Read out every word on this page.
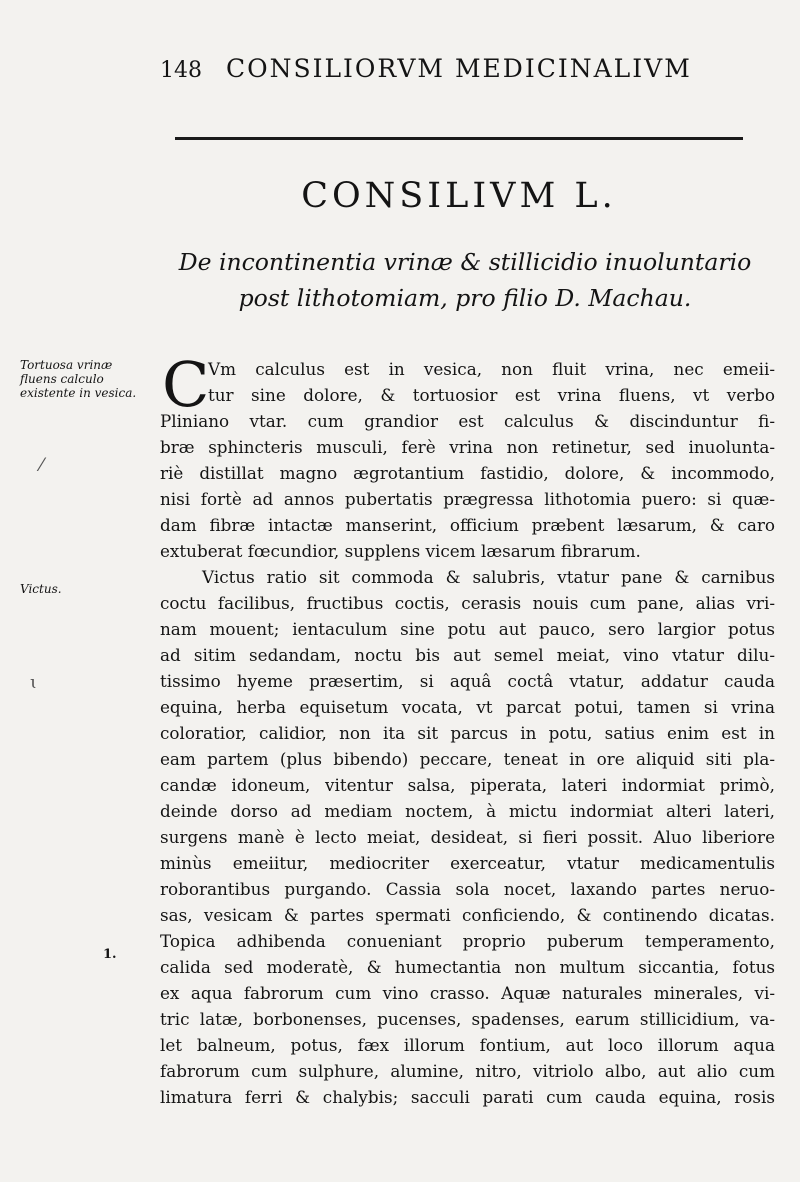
148 CONSILIORVM MEDICINALIVM
CONSILIVM L.
De incontinentia vrinæ & stillicidio inuoluntario
post lithotomiam, pro filio D. Machau.
Tortuosa vrinæ fluens calculo existente in vesica.
Victus.
1.
⁄
ɩ
C
Vm calculus est in vesica, non fluit vrina, nec emeii-
tur sine dolore, & tortuosior est vrina fluens, vt verbo
Pliniano vtar. cum grandior est calculus & discinduntur fi-
bræ sphincteris musculi, ferè vrina non retinetur, sed inuolunta-
riè distillat magno ægrotantium fastidio, dolore, & incommodo,
nisi fortè ad annos pubertatis prægressa lithotomia puero: si quæ-
dam fibræ intactæ manserint, officium præbent læsarum, & caro
extuberat fœcundior, supplens vicem læsarum fibrarum.
Victus ratio sit commoda & salubris, vtatur pane & carnibus
coctu facilibus, fructibus coctis, cerasis nouis cum pane, alias vri-
nam mouent; ientaculum sine potu aut pauco, sero largior potus
ad sitim sedandam, noctu bis aut semel meiat, vino vtatur dilu-
tissimo hyeme præsertim, si aquâ coctâ vtatur, addatur cauda
equina, herba equisetum vocata, vt parcat potui, tamen si vrina
coloratior, calidior, non ita sit parcus in potu, satius enim est in
eam partem (plus bibendo) peccare, teneat in ore aliquid siti pla-
candæ idoneum, vitentur salsa, piperata, lateri indormiat primò,
deinde dorso ad mediam noctem, à mictu indormiat alteri lateri,
surgens manè è lecto meiat, desideat, si fieri possit. Aluo liberiore
minùs emeiitur, mediocriter exerceatur, vtatur medicamentulis
roborantibus purgando. Cassia sola nocet, laxando partes neruo-
sas, vesicam & partes spermati conficiendo, & continendo dicatas.
Topica adhibenda conueniant proprio puberum temperamento,
calida sed moderatè, & humectantia non multum siccantia, fotus
ex aqua fabrorum cum vino crasso. Aquæ naturales minerales, vi-
tric latæ, borbonenses, pucenses, spadenses, earum stillicidium, va-
let balneum, potus, fæx illorum fontium, aut loco illorum aqua
fabrorum cum sulphure, alumine, nitro, vitriolo albo, aut alio cum
limatura ferri & chalybis; sacculi parati cum cauda equina, rosis
